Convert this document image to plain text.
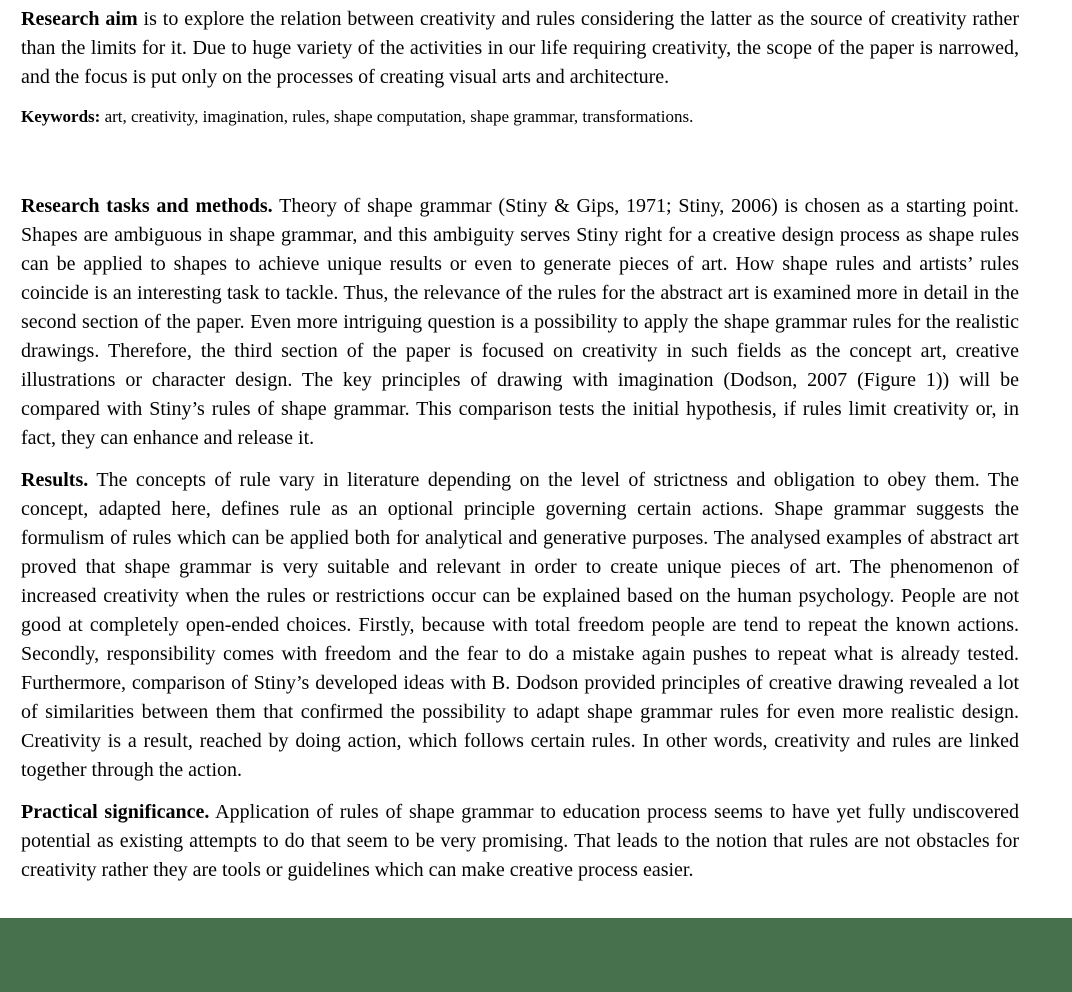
Research aim is to explore the relation between creativity and rules considering the latter as the source of creativity rather than the limits for it. Due to huge variety of the activities in our life requiring creativity, the scope of the paper is narrowed, and the focus is put only on the processes of creating visual arts and architecture.

Keywords: art, creativity, imagination, rules, shape computation, shape grammar, transformations.

Research tasks and methods. Theory of shape grammar (Stiny & Gips, 1971; Stiny, 2006) is chosen as a starting point. Shapes are ambiguous in shape grammar, and this ambiguity serves Stiny right for a creative design process as shape rules can be applied to shapes to achieve unique results or even to generate pieces of art. How shape rules and artists’ rules coincide is an interesting task to tackle. Thus, the relevance of the rules for the abstract art is examined more in detail in the second section of the paper. Even more intriguing question is a possibility to apply the shape grammar rules for the realistic drawings. Therefore, the third section of the paper is focused on creativity in such fields as the concept art, creative illustrations or character design. The key principles of drawing with imagination (Dodson, 2007 (Figure 1)) will be compared with Stiny’s rules of shape grammar. This comparison tests the initial hypothesis, if rules limit creativity or, in fact, they can enhance and release it.

Results. The concepts of rule vary in literature depending on the level of strictness and obligation to obey them. The concept, adapted here, defines rule as an optional principle governing certain actions. Shape grammar suggests the formulism of rules which can be applied both for analytical and generative purposes. The analysed examples of abstract art proved that shape grammar is very suitable and relevant in order to create unique pieces of art. The phenomenon of increased creativity when the rules or restrictions occur can be explained based on the human psychology. People are not good at completely open-ended choices. Firstly, because with total freedom people are tend to repeat the known actions. Secondly, responsibility comes with freedom and the fear to do a mistake again pushes to repeat what is already tested. Furthermore, comparison of Stiny’s developed ideas with B. Dodson provided principles of creative drawing revealed a lot of similarities between them that confirmed the possibility to adapt shape grammar rules for even more realistic design. Creativity is a result, reached by doing action, which follows certain rules. In other words, creativity and rules are linked together through the action.

Practical significance. Application of rules of shape grammar to education process seems to have yet fully undiscovered potential as existing attempts to do that seem to be very promising. That leads to the notion that rules are not obstacles for creativity rather they are tools or guidelines which can make creative process easier.
